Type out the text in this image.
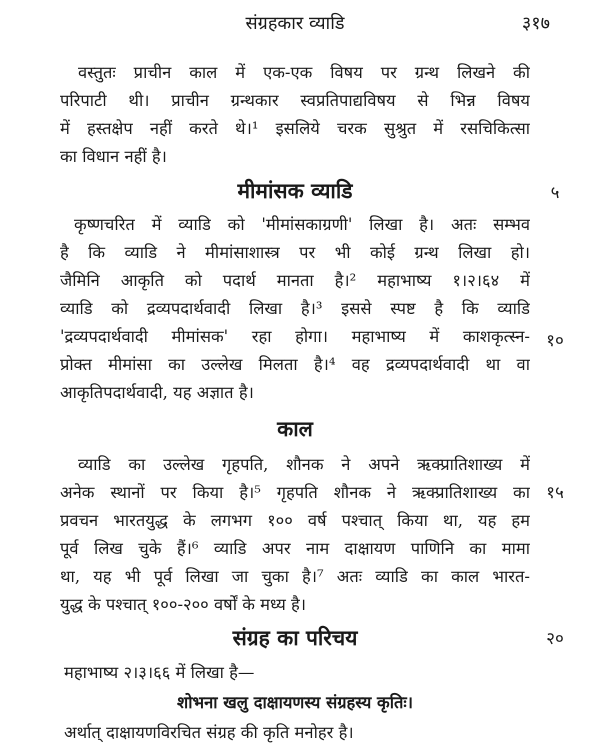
संग्रहकार व्याडि	३१७
वस्तुतः प्राचीन काल में एक-एक विषय पर ग्रन्थ लिखने की
परिपाटी थी। प्राचीन ग्रन्थकार स्वप्रतिपाद्यविषय से भिन्न विषय
में हस्तक्षेप नहीं करते थे।¹ इसलिये चरक सुश्रुत में रसचिकित्सा
का विधान नहीं है।
मीमांसक व्याडि	५
कृष्णचरित में व्याडि को 'मीमांसकाग्रणी' लिखा है। अतः सम्भव
है कि व्याडि ने मीमांसाशास्त्र पर भी कोई ग्रन्थ लिखा हो।
जैमिनि आकृति को पदार्थ मानता है।² महाभाष्य १।२।६४ में
व्याडि को द्रव्यपदार्थवादी लिखा है।³ इससे स्पष्ट है कि व्याडि
'द्रव्यपदार्थवादी मीमांसक' रहा होगा। महाभाष्य में काशकृत्स्न- १०
प्रोक्त मीमांसा का उल्लेख मिलता है।⁴ वह द्रव्यपदार्थवादी था वा
आकृतिपदार्थवादी, यह अज्ञात है।
काल
व्याडि का उल्लेख गृहपति, शौनक ने अपने ऋक्प्रातिशाख्य में
अनेक स्थानों पर किया है।⁵ गृहपति शौनक ने ऋक्प्रातिशाख्य का १५
प्रवचन भारतयुद्ध के लगभग १०० वर्ष पश्चात् किया था, यह हम
पूर्व लिख चुके हैं।⁶ व्याडि अपर नाम दाक्षायण पाणिनि का मामा
था, यह भी पूर्व लिखा जा चुका है।⁷ अतः व्याडि का काल भारत-
युद्ध के पश्चात् १००-२०० वर्षों के मध्य है।
संग्रह का परिचय	२०
महाभाष्य २।३।६६ में लिखा है—
शोभना खलु दाक्षायणस्य संग्रहस्य कृतिः।
अर्थात् दाक्षायणविरचित संग्रह की कृति मनोहर है।
